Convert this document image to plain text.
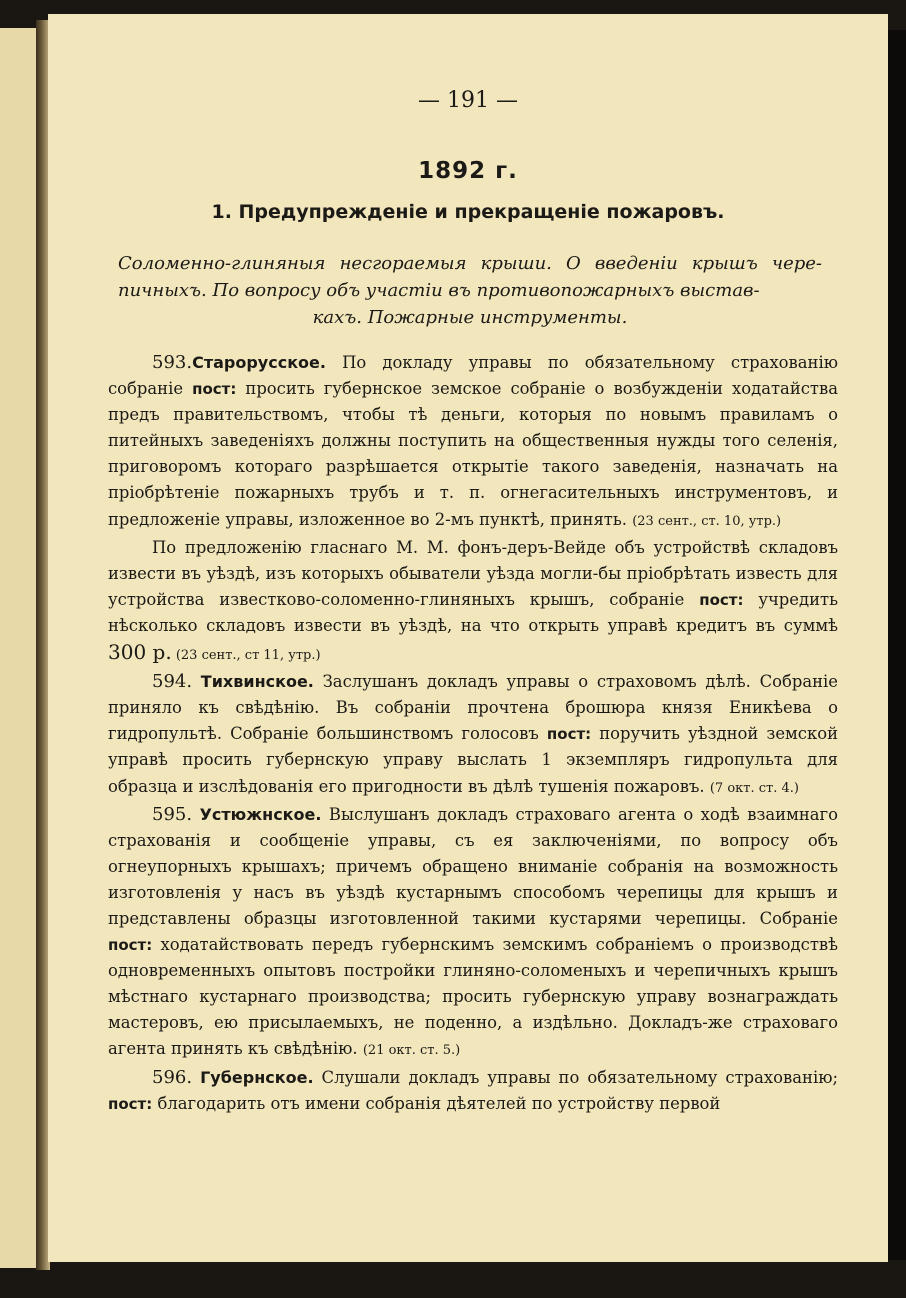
— 191 —
1892 г.
1. Предупрежденіе и прекращеніе пожаровъ.
Соломенно-глиняныя несгораемыя крыши. О введеніи крышъ чере- пичныхъ. По вопросу объ участіи въ противопожарныхъ выстав-
кахъ. Пожарные инструменты.

593.Старорусское. По докладу управы по обязательному страхованію собраніе пост: просить губернское земское собраніе о возбужденіи ходатайства предъ правительствомъ, чтобы тѣ деньги, которыя по новымъ правиламъ о питейныхъ заведеніяхъ должны поступить на общественныя нужды того селенія, приговоромъ котораго разрѣшается открытіе такого заведенія, назначать на пріобрѣтеніе пожарныхъ трубъ и т. п. огнегасительныхъ инструментовъ, и предложеніе управы, изложенное во 2-мъ пунктѣ, принять. (23 сент., ст. 10, утр.)

По предложенію гласнаго М. М. фонъ-деръ-Вейде объ устройствѣ складовъ извести въ уѣздѣ, изъ которыхъ обыватели уѣзда могли-бы пріобрѣтать известь для устройства известково-соломенно-глиняныхъ крышъ, собраніе пост: учредить нѣсколько складовъ извести въ уѣздѣ, на что открыть управѣ кредитъ въ суммѣ 300 р. (23 сент., ст 11, утр.)

594. Тихвинское. Заслушанъ докладъ управы о страховомъ дѣлѣ. Собраніе приняло къ свѣдѣнію. Въ собраніи прочтена брошюра князя Еникѣева о гидропультѣ. Собраніе большинствомъ голосовъ пост: поручить уѣздной земской управѣ просить губернскую управу выслать 1 экземпляръ гидропульта для образца и изслѣдованія его пригодности въ дѣлѣ тушенія пожаровъ. (7 окт. ст. 4.)

595. Устюжнское. Выслушанъ докладъ страховаго агента о ходѣ взаимнаго страхованія и сообщеніе управы, съ ея заключеніями, по вопросу объ огнеупорныхъ крышахъ; причемъ обращено вниманіе собранія на возможность изготовленія у насъ въ уѣздѣ кустарнымъ способомъ черепицы для крышъ и представлены образцы изготовленной такими кустарями черепицы. Собраніе пост: ходатайствовать передъ губернскимъ земскимъ собраніемъ о производствѣ одновременныхъ опытовъ постройки глиняно-соломеныхъ и черепичныхъ крышъ мѣстнаго кустарнаго производства; просить губернскую управу вознаграждать мастеровъ, ею присылаемыхъ, не поденно, а издѣльно. Докладъ-же страховаго агента принять къ свѣдѣнію. (21 окт. ст. 5.)

596. Губернское. Слушали докладъ управы по обязательному страхованію; пост: благодарить отъ имени собранія дѣятелей по устройству первой
